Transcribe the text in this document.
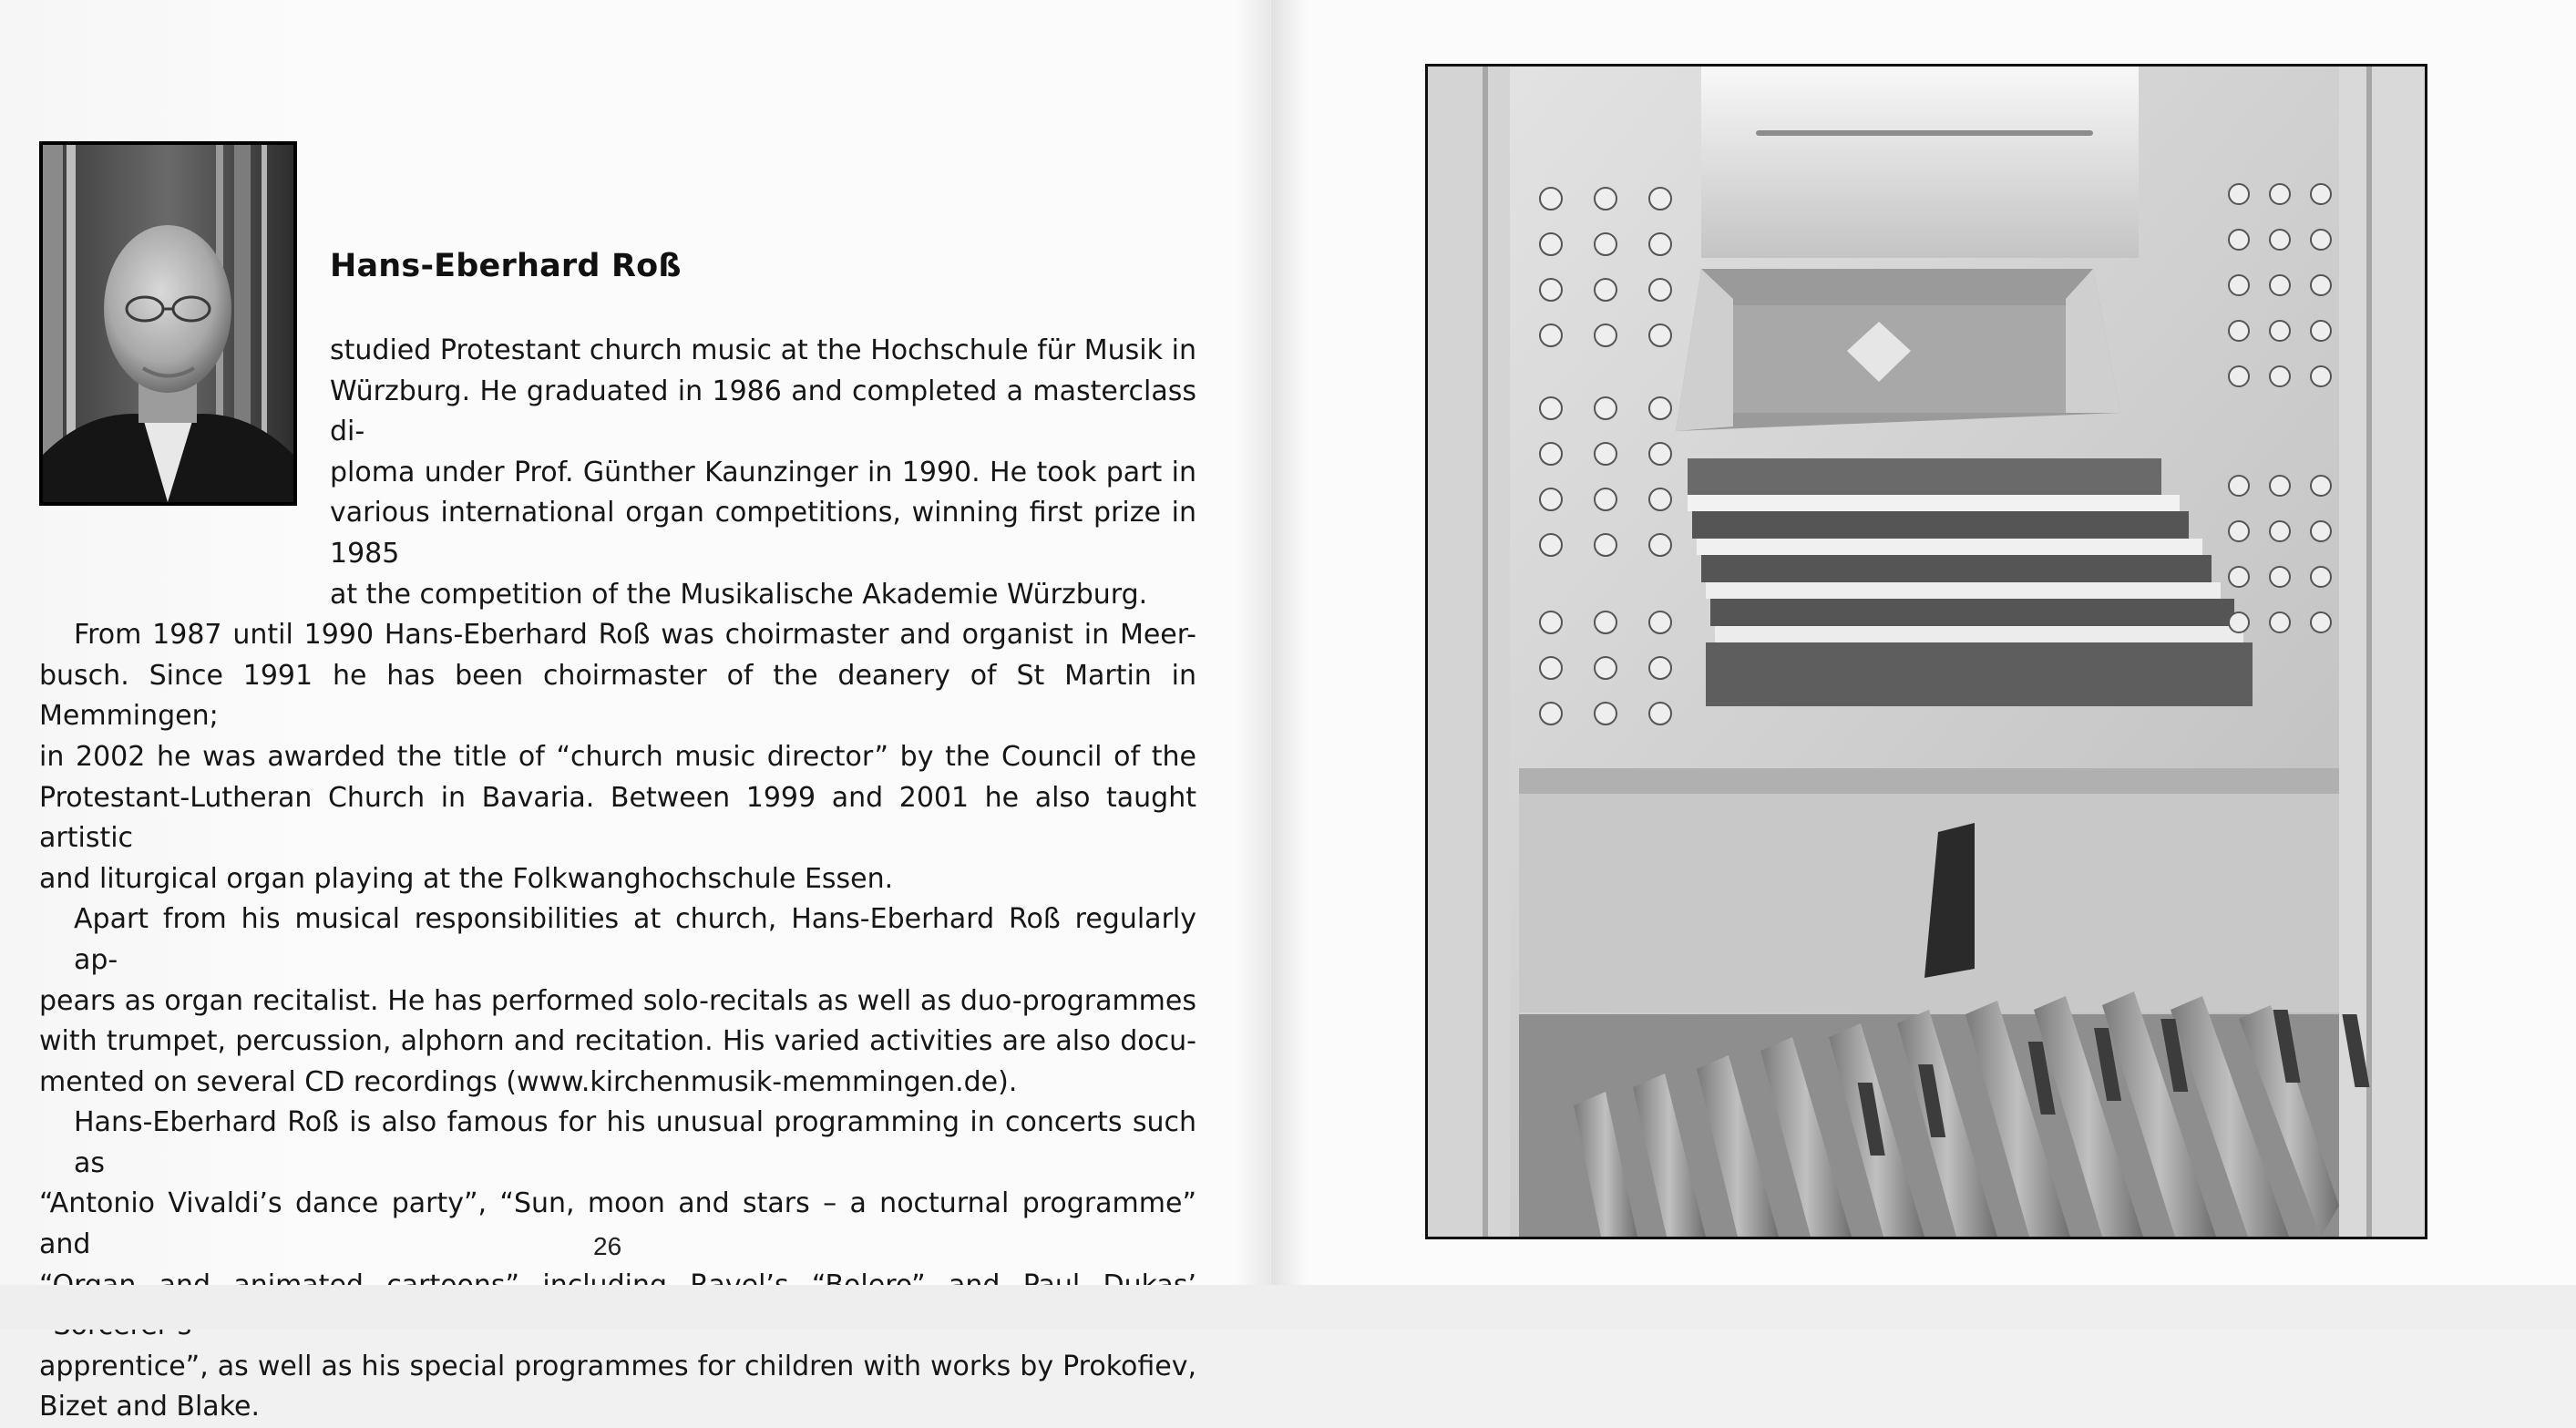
Hans-Eberhard Roß
studied Protestant church music at the Hochschule für Musik in
Würzburg. He graduated in 1986 and completed a masterclass di-
ploma under Prof. Günther Kaunzinger in 1990. He took part in
various international organ competitions, winning first prize in 1985
at the competition of the Musikalische Akademie Würzburg.
From 1987 until 1990 Hans-Eberhard Roß was choirmaster and organist in Meer-
busch. Since 1991 he has been choirmaster of the deanery of St Martin in Memmingen;
in 2002 he was awarded the title of “church music director” by the Council of the
Protestant-Lutheran Church in Bavaria. Between 1999 and 2001 he also taught artistic
and liturgical organ playing at the Folkwanghochschule Essen.
Apart from his musical responsibilities at church, Hans-Eberhard Roß regularly ap-
pears as organ recitalist. He has performed solo-recitals as well as duo-programmes
with trumpet, percussion, alphorn and recitation. His varied activities are also docu-
mented on several CD recordings (www.kirchenmusik-memmingen.de).
Hans-Eberhard Roß is also famous for his unusual programming in concerts such as
“Antonio Vivaldi’s dance party”, “Sun, moon and stars – a nocturnal programme” and
apprentice”, as well as his special programmes for children with works by Prokofiev,
Bizet and Blake.
26
